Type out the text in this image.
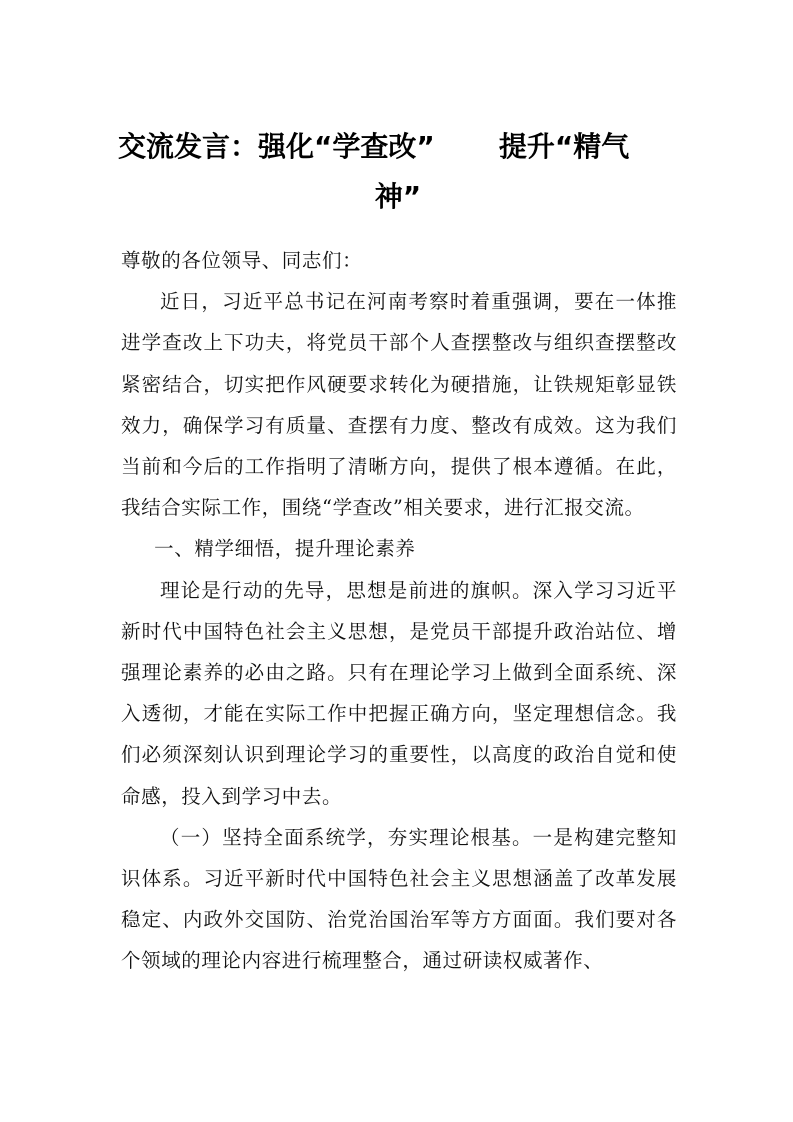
交流发言：强化“学查改” 提升“精气
神”

尊敬的各位领导、同志们：

近日，习近平总书记在河南考察时着重强调，要在一体推进学查改上下功夫，将党员干部个人查摆整改与组织查摆整改紧密结合，切实把作风硬要求转化为硬措施，让铁规矩彰显铁效力，确保学习有质量、查摆有力度、整改有成效。这为我们当前和今后的工作指明了清晰方向，提供了根本遵循。在此，我结合实际工作，围绕“学查改”相关要求，进行汇报交流。

一、精学细悟，提升理论素养

理论是行动的先导，思想是前进的旗帜。深入学习习近平新时代中国特色社会主义思想，是党员干部提升政治站位、增强理论素养的必由之路。只有在理论学习上做到全面系统、深入透彻，才能在实际工作中把握正确方向，坚定理想信念。我们必须深刻认识到理论学习的重要性，以高度的政治自觉和使命感，投入到学习中去。

（一）坚持全面系统学，夯实理论根基。一是构建完整知识体系。习近平新时代中国特色社会主义思想涵盖了改革发展稳定、内政外交国防、治党治国治军等方方面面。我们要对各个领域的理论内容进行梳理整合，通过研读权威著作、
